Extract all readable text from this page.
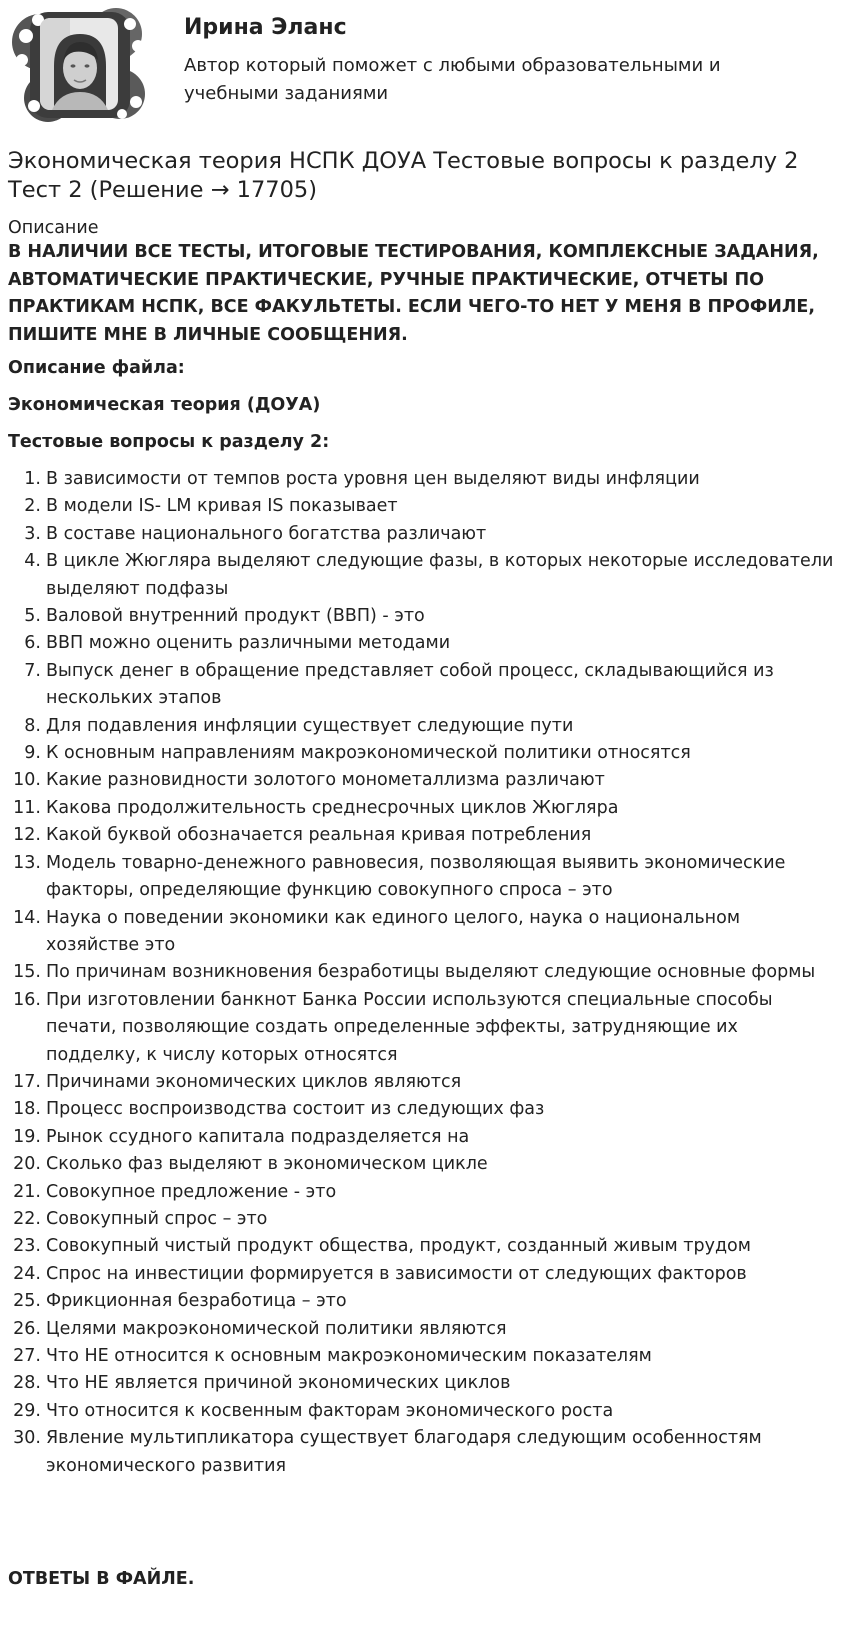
Ирина Эланс
Автор который поможет с любыми образовательными и учебными заданиями
Экономическая теория НСПК ДОУА Тестовые вопросы к разделу 2 Тест 2 (Решение → 17705)
Описание
В НАЛИЧИИ ВСЕ ТЕСТЫ, ИТОГОВЫЕ ТЕСТИРОВАНИЯ, КОМПЛЕКСНЫЕ ЗАДАНИЯ, АВТОМАТИЧЕСКИЕ ПРАКТИЧЕСКИЕ, РУЧНЫЕ ПРАКТИЧЕСКИЕ, ОТЧЕТЫ ПО ПРАКТИКАМ НСПК, ВСЕ ФАКУЛЬТЕТЫ. ЕСЛИ ЧЕГО-ТО НЕТ У МЕНЯ В ПРОФИЛЕ, ПИШИТЕ МНЕ В ЛИЧНЫЕ СООБЩЕНИЯ.
Описание файла:
Экономическая теория (ДОУА)
Тестовые вопросы к разделу 2:
1. В зависимости от темпов роста уровня цен выделяют виды инфляции
2. В модели IS- LM кривая IS показывает
3. В составе национального богатства различают
4. В цикле Жюгляра выделяют следующие фазы, в которых некоторые исследователи выделяют подфазы
5. Валовой внутренний продукт (ВВП) - это
6. ВВП можно оценить различными методами
7. Выпуск денег в обращение представляет собой процесс, складывающийся из нескольких этапов
8. Для подавления инфляции существует следующие пути
9. К основным направлениям макроэкономической политики относятся
10. Какие разновидности золотого монометаллизма различают
11. Какова продолжительность среднесрочных циклов Жюгляра
12. Какой буквой обозначается реальная кривая потребления
13. Модель товарно-денежного равновесия, позволяющая выявить экономические факторы, определяющие функцию совокупного спроса – это
14. Наука о поведении экономики как единого целого, наука о национальном хозяйстве это
15. По причинам возникновения безработицы выделяют следующие основные формы
16. При изготовлении банкнот Банка России используются специальные способы печати, позволяющие создать определенные эффекты, затрудняющие их подделку, к числу которых относятся
17. Причинами экономических циклов являются
18. Процесс воспроизводства состоит из следующих фаз
19. Рынок ссудного капитала подразделяется на
20. Сколько фаз выделяют в экономическом цикле
21. Совокупное предложение - это
22. Совокупный спрос – это
23. Совокупный чистый продукт общества, продукт, созданный живым трудом
24. Спрос на инвестиции формируется в зависимости от следующих факторов
25. Фрикционная безработица – это
26. Целями макроэкономической политики являются
27. Что НЕ относится к основным макроэкономическим показателям
28. Что НЕ является причиной экономических циклов
29. Что относится к косвенным факторам экономического роста
30. Явление мультипликатора существует благодаря следующим особенностям экономического развития
ОТВЕТЫ В ФАЙЛЕ.
